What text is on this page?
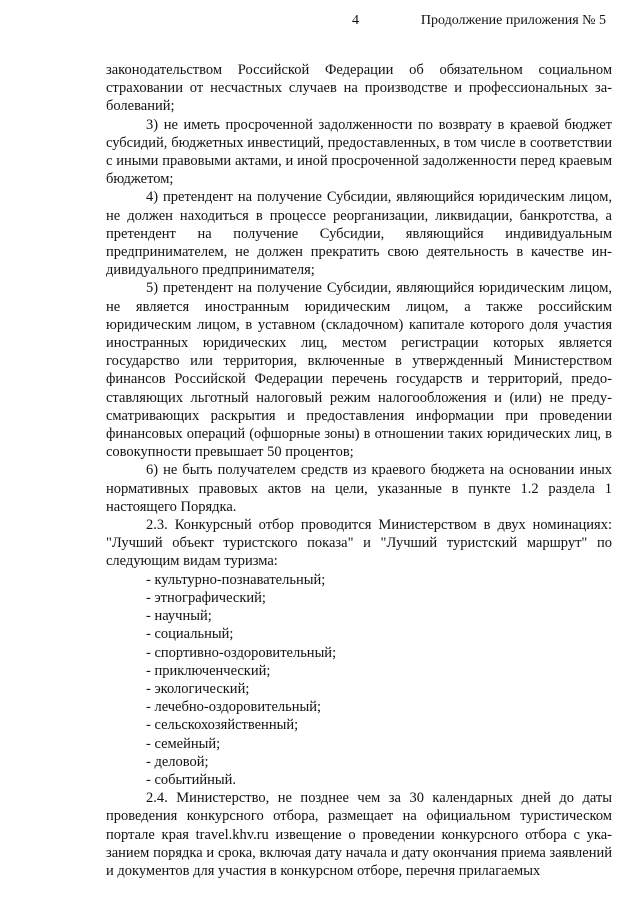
4	Продолжение приложения № 5

законодательством Российской Федерации об обязательном социальном страховании от несчастных случаев на производстве и профессиональных заболеваний;

3) не иметь просроченной задолженности по возврату в краевой бюджет субсидий, бюджетных инвестиций, предоставленных, в том числе в соответствии с иными правовыми актами, и иной просроченной задолженности перед краевым бюджетом;

4) претендент на получение Субсидии, являющийся юридическим лицом, не должен находиться в процессе реорганизации, ликвидации, банкротства, а претендент на получение Субсидии, являющийся индивидуальным предпринимателем, не должен прекратить свою деятельность в качестве индивидуального предпринимателя;

5) претендент на получение Субсидии, являющийся юридическим лицом, не является иностранным юридическим лицом, а также российским юридическим лицом, в уставном (складочном) капитале которого доля участия иностранных юридических лиц, местом регистрации которых является государство или территория, включенные в утвержденный Министерством финансов Российской Федерации перечень государств и территорий, предоставляющих льготный налоговый режим налогообложения и (или) не предусматривающих раскрытия и предоставления информации при проведении финансовых операций (офшорные зоны) в отношении таких юридических лиц, в совокупности превышает 50 процентов;

6) не быть получателем средств из краевого бюджета на основании иных нормативных правовых актов на цели, указанные в пункте 1.2 раздела 1 настоящего Порядка.

2.3. Конкурсный отбор проводится Министерством в двух номинациях: "Лучший объект туристского показа" и "Лучший туристский маршрут" по следующим видам туризма:

- культурно-познавательный;
- этнографический;
- научный;
- социальный;
- спортивно-оздоровительный;
- приключенческий;
- экологический;
- лечебно-оздоровительный;
- сельскохозяйственный;
- семейный;
- деловой;
- событийный.

2.4. Министерство, не позднее чем за 30 календарных дней до даты проведения конкурсного отбора, размещает на официальном туристическом портале края travel.khv.ru извещение о проведении конкурсного отбора с указанием порядка и срока, включая дату начала и дату окончания приема заявлений и документов для участия в конкурсном отборе, перечня прилагаемых
